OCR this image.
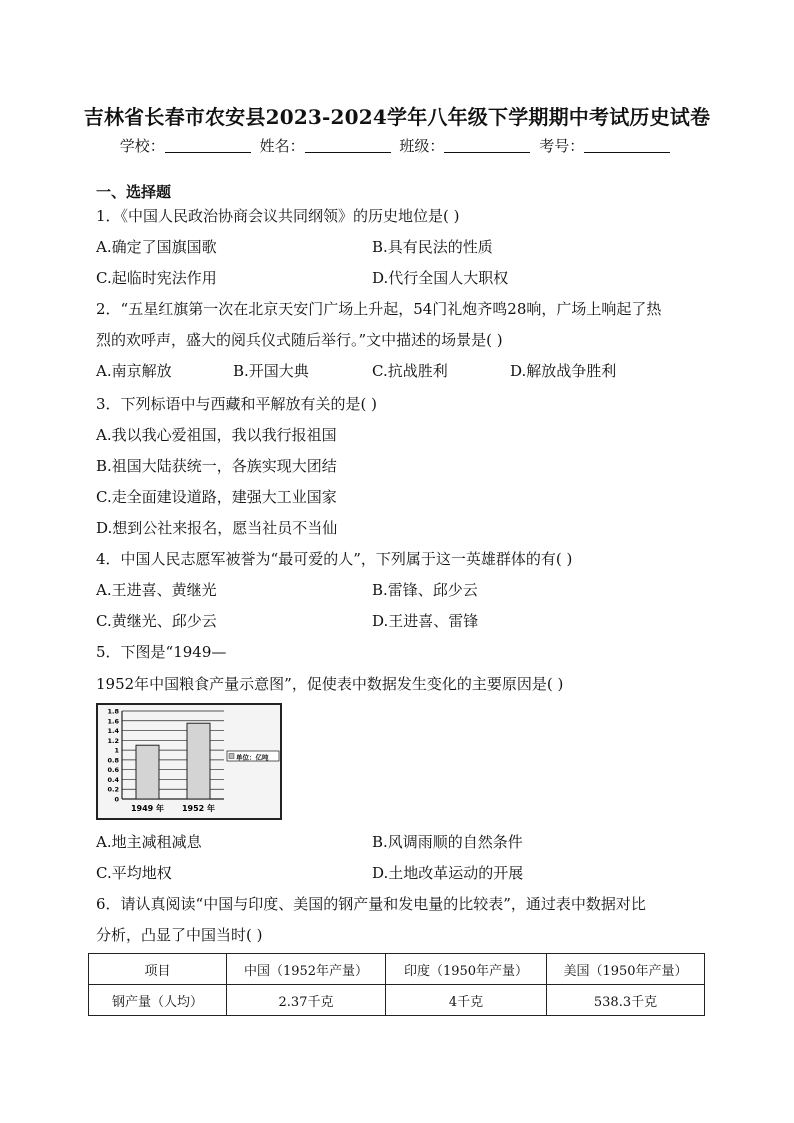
吉林省长春市农安县2023-2024学年八年级下学期期中考试历史试卷
学校：	姓名：	班级：	考号：
一、选择题
1．《中国人民政治协商会议共同纲领》的历史地位是( )
A.确定了国旗国歌	B.具有民法的性质
C.起临时宪法作用	D.代行全国人大职权
2．“五星红旗第一次在北京天安门广场上升起，54门礼炮齐鸣28响，广场上响起了热
烈的欢呼声，盛大的阅兵仪式随后举行。”文中描述的场景是( )
A.南京解放	B.开国大典	C.抗战胜利	D.解放战争胜利
3．下列标语中与西藏和平解放有关的是( )
A.我以我心爱祖国，我以我行报祖国
B.祖国大陆获统一，各族实现大团结
C.走全面建设道路，建强大工业国家
D.想到公社来报名，愿当社员不当仙
4．中国人民志愿军被誉为“最可爱的人”，下列属于这一英雄群体的有( )
A.王进喜、黄继光	B.雷锋、邱少云
C.黄继光、邱少云	D.王进喜、雷锋
5．下图是“1949—
1952年中国粮食产量示意图”，促使表中数据发生变化的主要原因是( )
0
0.2
0.4
0.6
0.8
1
1.2
1.4
1.6
1.8
1949 年 1952 年
单位：亿吨
A.地主减租减息	B.风调雨顺的自然条件
C.平均地权	D.土地改革运动的开展
6．请认真阅读“中国与印度、美国的钢产量和发电量的比较表”，通过表中数据对比
分析，凸显了中国当时( )
项目	中国（1952年产量）	印度（1950年产量）	美国（1950年产量）
钢产量（人均）	2.37千克	4千克	538.3千克
